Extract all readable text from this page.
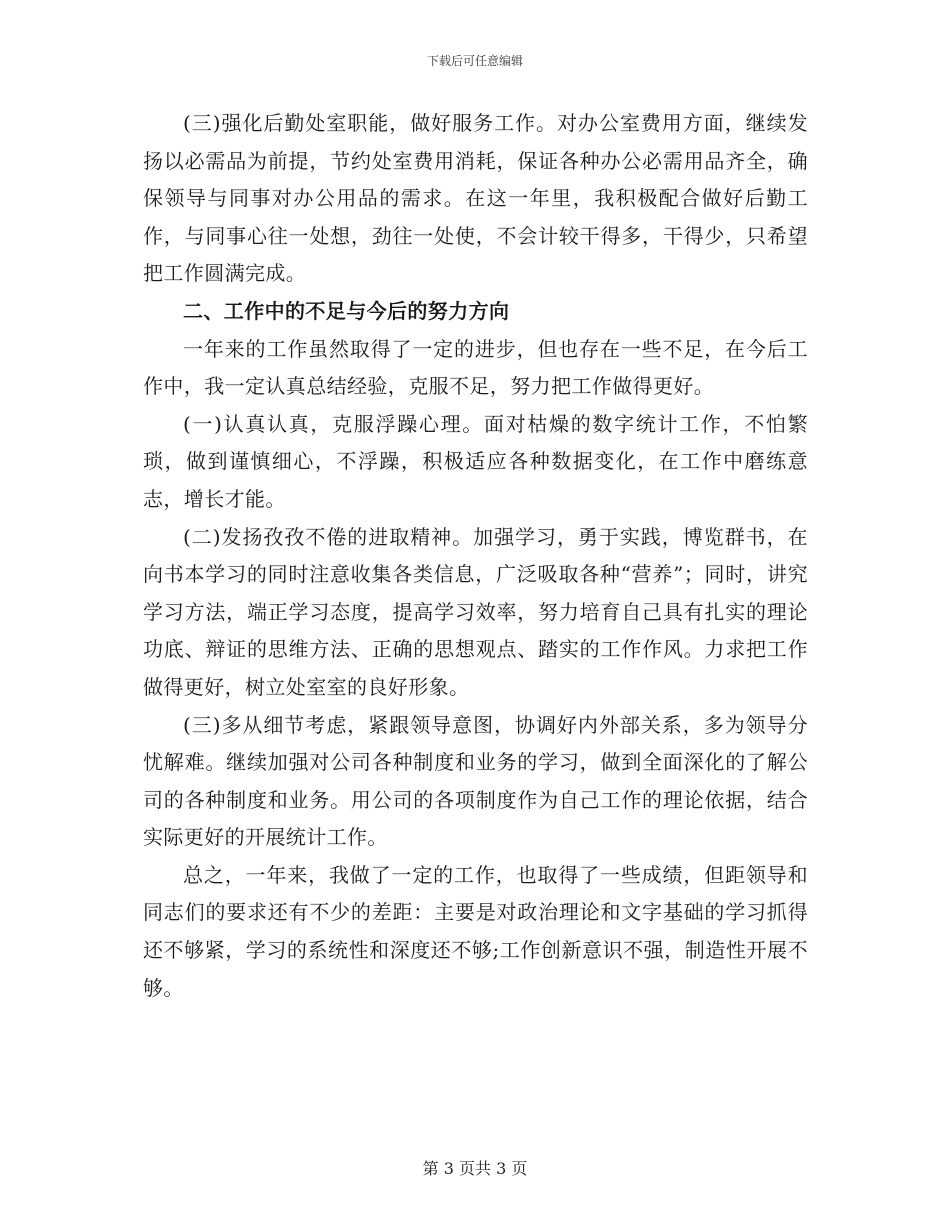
下载后可任意编辑

(三)强化后勤处室职能，做好服务工作。对办公室费用方面，继续发扬以必需品为前提，节约处室费用消耗，保证各种办公必需用品齐全，确保领导与同事对办公用品的需求。在这一年里，我积极配合做好后勤工作，与同事心往一处想，劲往一处使，不会计较干得多，干得少，只希望把工作圆满完成。

二、工作中的不足与今后的努力方向

一年来的工作虽然取得了一定的进步，但也存在一些不足，在今后工作中，我一定认真总结经验，克服不足，努力把工作做得更好。

(一)认真认真，克服浮躁心理。面对枯燥的数字统计工作，不怕繁琐，做到谨慎细心，不浮躁，积极适应各种数据变化，在工作中磨练意志，增长才能。

(二)发扬孜孜不倦的进取精神。加强学习，勇于实践，博览群书，在向书本学习的同时注意收集各类信息，广泛吸取各种“营养”；同时，讲究学习方法，端正学习态度，提高学习效率，努力培育自己具有扎实的理论功底、辩证的思维方法、正确的思想观点、踏实的工作作风。力求把工作做得更好，树立处室室的良好形象。

(三)多从细节考虑，紧跟领导意图，协调好内外部关系，多为领导分忧解难。继续加强对公司各种制度和业务的学习，做到全面深化的了解公司的各种制度和业务。用公司的各项制度作为自己工作的理论依据，结合实际更好的开展统计工作。

总之，一年来，我做了一定的工作，也取得了一些成绩，但距领导和同志们的要求还有不少的差距：主要是对政治理论和文字基础的学习抓得还不够紧，学习的系统性和深度还不够;工作创新意识不强，制造性开展不够。

第 3 页共 3 页
